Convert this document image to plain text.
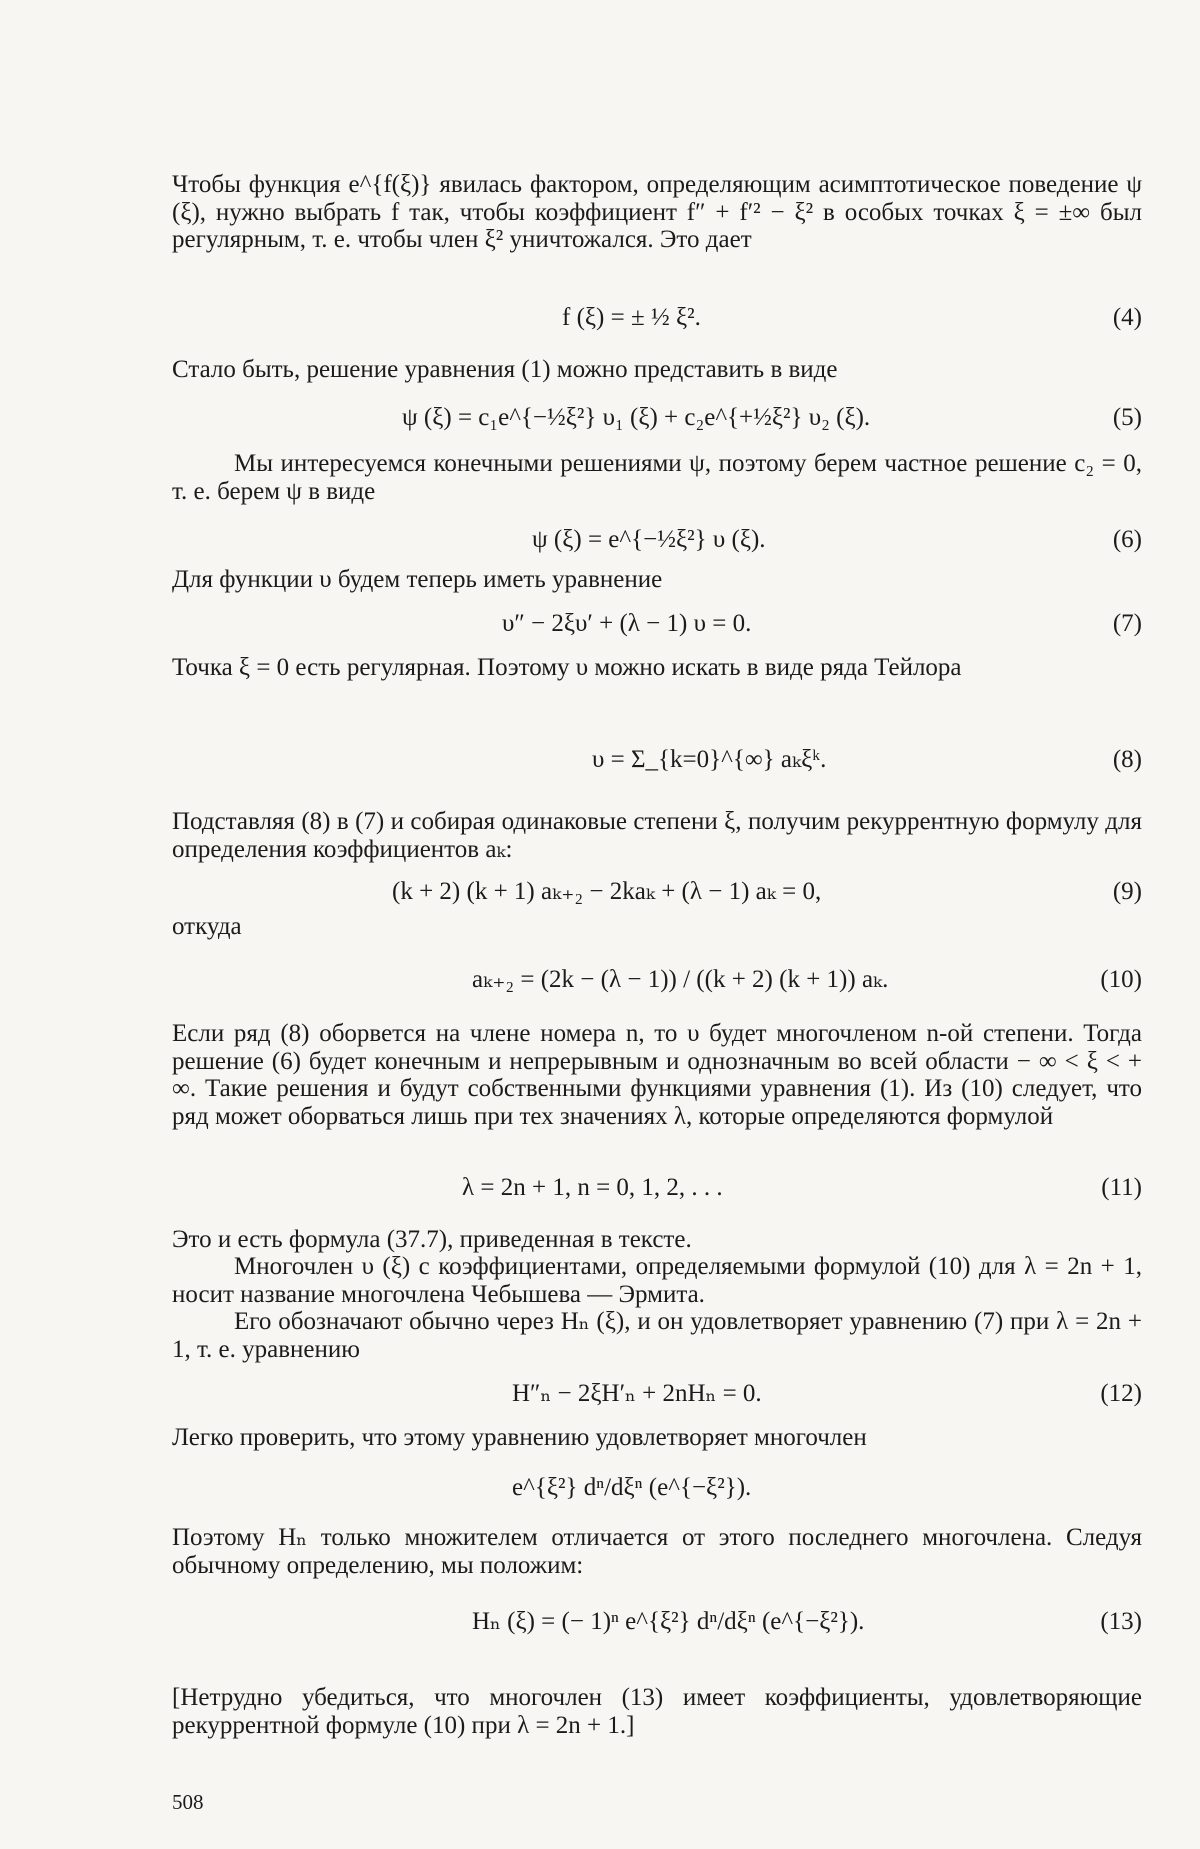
Чтобы функция e^{f(ξ)} явилась фактором, определяющим асимптотическое поведение ψ (ξ), нужно выбрать f так, чтобы коэффициент f″ + f′² − ξ² в особых точках ξ = ±∞ был регулярным, т. е. чтобы член ξ² уничтожался. Это дает

f (ξ) = ± ½ ξ².	(4)

Стало быть, решение уравнения (1) можно представить в виде

ψ (ξ) = c₁e^{−½ξ²} υ₁ (ξ) + c₂e^{+½ξ²} υ₂ (ξ).	(5)

Мы интересуемся конечными решениями ψ, поэтому берем частное решение c₂ = 0, т. е. берем ψ в виде

ψ (ξ) = e^{−½ξ²} υ (ξ).	(6)

Для функции υ будем теперь иметь уравнение

υ″ − 2ξυ′ + (λ − 1) υ = 0.	(7)

Точка ξ = 0 есть регулярная. Поэтому υ можно искать в виде ряда Тейлора

υ = Σ_{k=0}^{∞} aₖξᵏ.	(8)

Подставляя (8) в (7) и собирая одинаковые степени ξ, получим рекуррентную формулу для определения коэффициентов aₖ:

(k + 2) (k + 1) aₖ₊₂ − 2kaₖ + (λ − 1) aₖ = 0,	(9)

откуда

aₖ₊₂ = (2k − (λ − 1)) / ((k + 2) (k + 1)) aₖ.	(10)

Если ряд (8) оборвется на члене номера n, то υ будет многочленом n-ой степени. Тогда решение (6) будет конечным и непрерывным и однозначным во всей области − ∞ < ξ < + ∞. Такие решения и будут собственными функциями уравнения (1). Из (10) следует, что ряд может оборваться лишь при тех значениях λ, которые определяются формулой

λ = 2n + 1, n = 0, 1, 2, . . .	(11)

Это и есть формула (37.7), приведенная в тексте.

Многочлен υ (ξ) с коэффициентами, определяемыми формулой (10) для λ = 2n + 1, носит название многочлена Чебышева — Эрмита.

Его обозначают обычно через Hₙ (ξ), и он удовлетворяет уравнению (7) при λ = 2n + 1, т. е. уравнению

H″ₙ − 2ξH′ₙ + 2nHₙ = 0.	(12)

Легко проверить, что этому уравнению удовлетворяет многочлен

e^{ξ²} dⁿ/dξⁿ (e^{−ξ²}).

Поэтому Hₙ только множителем отличается от этого последнего многочлена. Следуя обычному определению, мы положим:

Hₙ (ξ) = (− 1)ⁿ e^{ξ²} dⁿ/dξⁿ (e^{−ξ²}).	(13)

[Нетрудно убедиться, что многочлен (13) имеет коэффициенты, удовлетворяющие рекуррентной формуле (10) при λ = 2n + 1.]

508
